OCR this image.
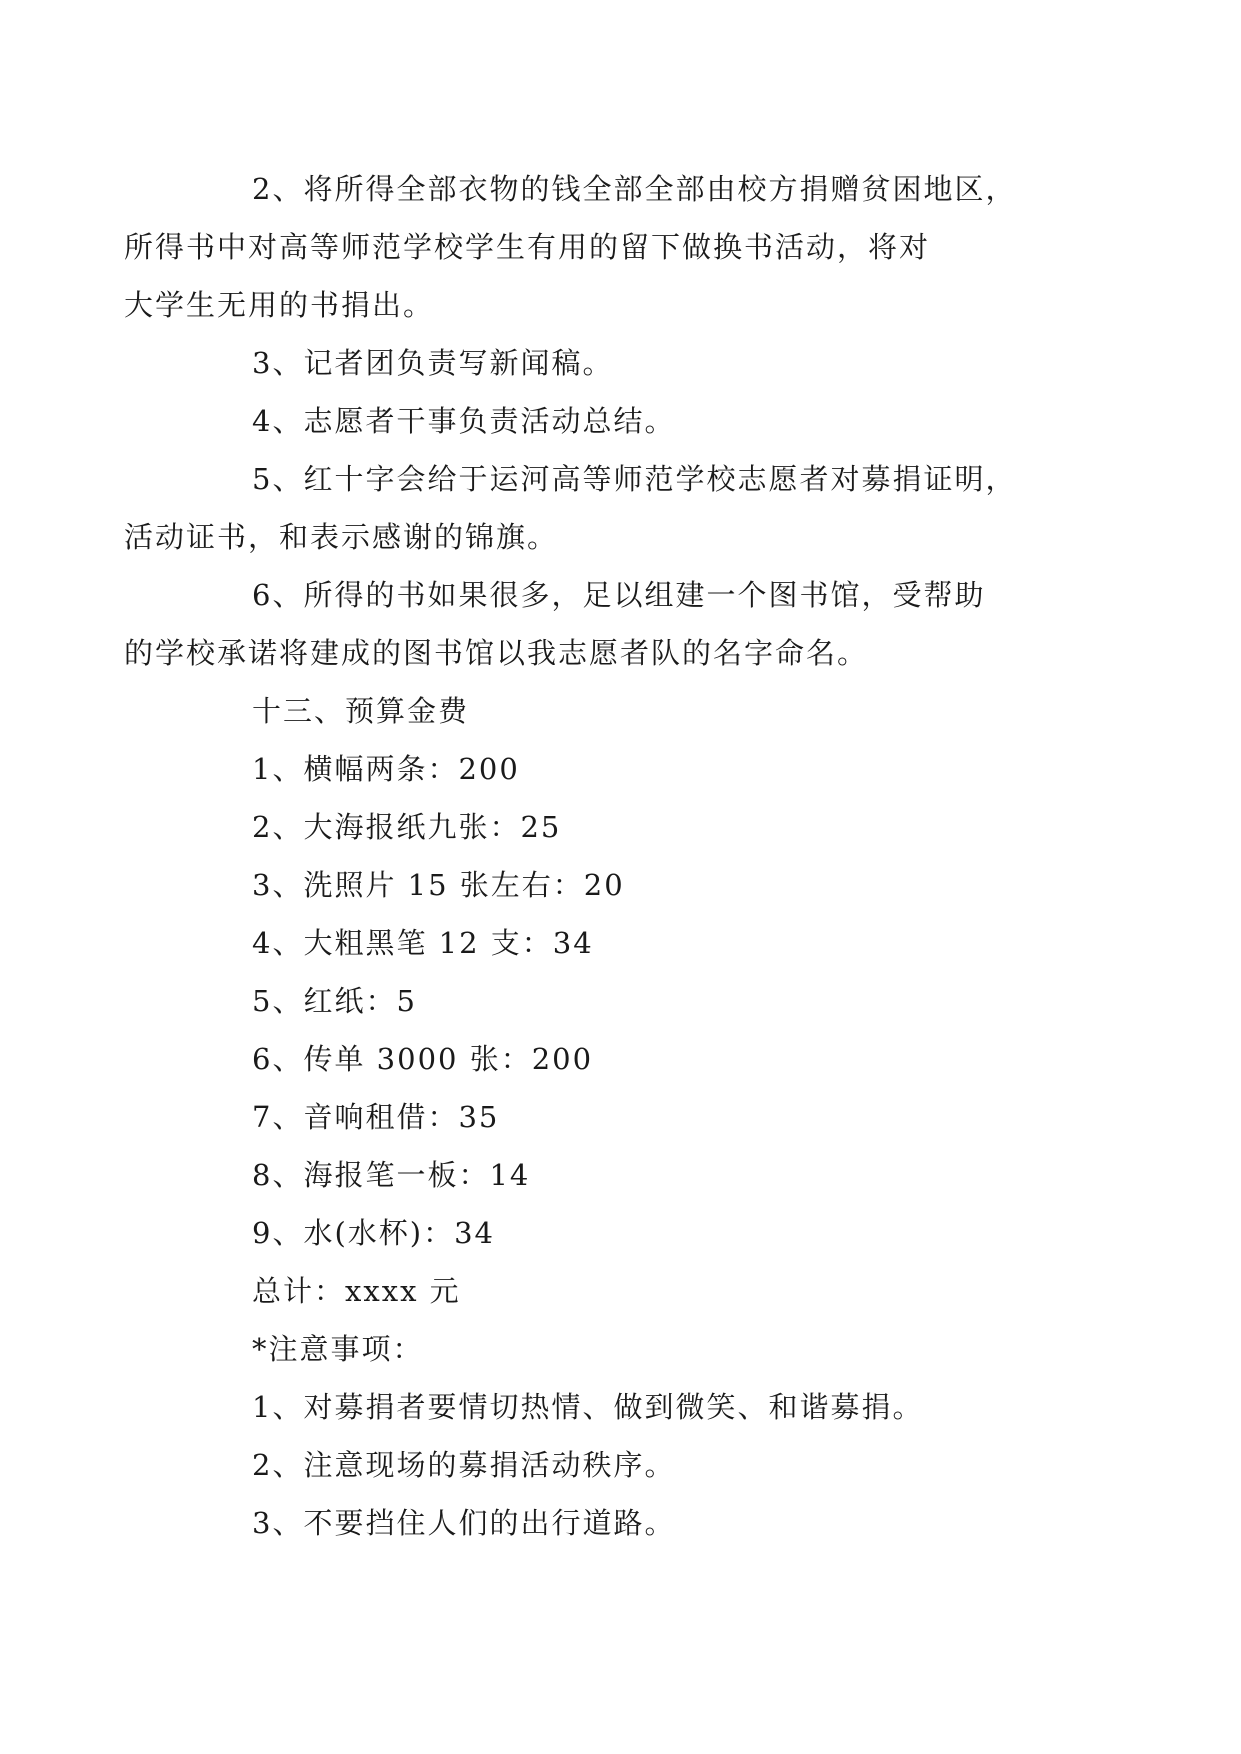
2、将所得全部衣物的钱全部全部由校方捐赠贫困地区，
所得书中对高等师范学校学生有用的留下做换书活动，将对
大学生无用的书捐出。

3、记者团负责写新闻稿。

4、志愿者干事负责活动总结。

5、红十字会给于运河高等师范学校志愿者对募捐证明，
活动证书，和表示感谢的锦旗。

6、所得的书如果很多，足以组建一个图书馆，受帮助
的学校承诺将建成的图书馆以我志愿者队的名字命名。

十三、预算金费

1、横幅两条：200

2、大海报纸九张：25

3、洗照片 15 张左右：20

4、大粗黑笔 12 支：34

5、红纸：5

6、传单 3000 张：200

7、音响租借：35

8、海报笔一板：14

9、水(水杯)：34

总计：xxxx 元

*注意事项：

1、对募捐者要情切热情、做到微笑、和谐募捐。

2、注意现场的募捐活动秩序。

3、不要挡住人们的出行道路。
